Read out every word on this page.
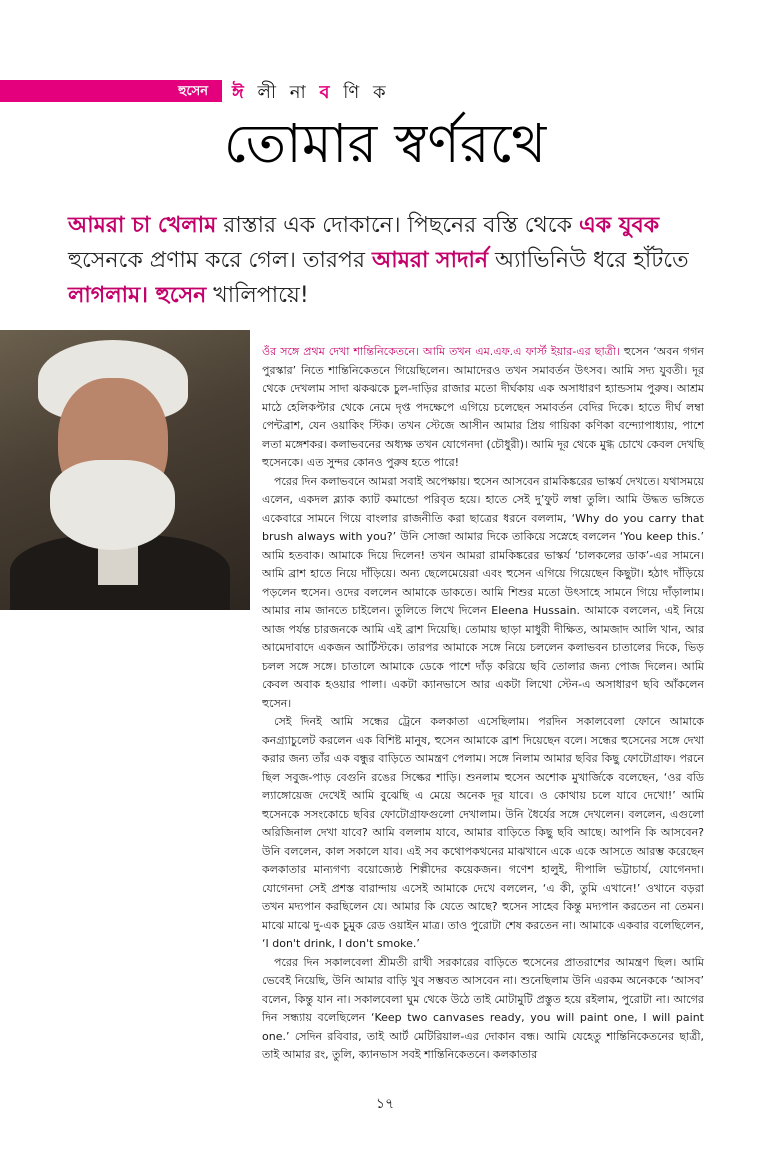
হুসেন ঈ লী না ব ণি ক
তোমার স্বর্ণরথে
আমরা চা খেলাম রাস্তার এক দোকানে। পিছনের বস্তি থেকে এক যুবক হুসেনকে প্রণাম করে গেল। তারপর আমরা সাদার্ন অ্যাভিনিউ ধরে হাঁটতে লাগলাম। হুসেন খালিপায়ে!

ওঁর সঙ্গে প্রথম দেখা শান্তিনিকেতনে। আমি তখন এম.এফ.এ ফার্স্ট ইয়ার-এর ছাত্রী। হুসেন ‘অবন গগন পুরস্কার’ নিতে শান্তিনিকেতনে গিয়েছিলেন। আমাদেরও তখন সমাবর্তন উৎসব। আমি সদ্য যুবতী। দূর থেকে দেখলাম সাদা ঝকঝকে চুল-দাড়ির রাজার মতো দীর্ঘকায় এক অসাধারণ হ্যান্ডসাম পুরুষ। আশ্রম মাঠে হেলিকপ্টার থেকে নেমে দৃপ্ত পদক্ষেপে এগিয়ে চলেছেন সমাবর্তন বেদির দিকে। হাতে দীর্ঘ লম্বা পেন্টব্রাশ, যেন ওয়াকিং স্টিক। তখন স্টেজে আসীন আমার প্রিয় গায়িকা কণিকা বন্দ্যোপাধ্যায়, পাশে লতা মঙ্গেশকর। কলাভবনের অধ্যক্ষ তখন যোগেনদা (চৌধুরী)। আমি দূর থেকে মুগ্ধ চোখে কেবল দেখছি হুসেনকে। এত সুন্দর কোনও পুরুষ হতে পারে!

পরের দিন কলাভবনে আমরা সবাই অপেক্ষায়। হুসেন আসবেন রামকিঙ্করের ভাস্কর্য দেখতে। যথাসময়ে এলেন, একদল ব্ল্যাক ক্যাট কমান্ডো পরিবৃত হয়ে। হাতে সেই দু’ফুট লম্বা তুলি। আমি উদ্ধত ভঙ্গিতে একেবারে সামনে গিয়ে বাংলার রাজনীতি করা ছাত্রের ধরনে বললাম, ‘Why do you carry that brush always with you?’ উনি সোজা আমার দিকে তাকিয়ে সস্নেহে বললেন ‘You keep this.’ আমি হতবাক। আমাকে দিয়ে দিলেন! তখন আমরা রামকিঙ্করের ভাস্কর্য ‘চালকলের ডাক’-এর সামনে। আমি ব্রাশ হাতে নিয়ে দাঁড়িয়ে। অন্য ছেলেমেয়েরা এবং হুসেন এগিয়ে গিয়েছেন কিছুটা। হঠাৎ দাঁড়িয়ে পড়লেন হুসেন। ওদের বললেন আমাকে ডাকতে। আমি শিশুর মতো উৎসাহে সামনে গিয়ে দাঁড়ালাম। আমার নাম জানতে চাইলেন। তুলিতে লিখে দিলেন Eleena Hussain. আমাকে বললেন, এই নিয়ে আজ পর্যন্ত চারজনকে আমি এই ব্রাশ দিয়েছি। তোমায় ছাড়া মাধুরী দীক্ষিত, আমজাদ আলি খান, আর আমেদাবাদে একজন আর্টিস্টকে। তারপর আমাকে সঙ্গে নিয়ে চললেন কলাভবন চাতালের দিকে, ভিড় চলল সঙ্গে সঙ্গে। চাতালে আমাকে ডেকে পাশে দাঁড় করিয়ে ছবি তোলার জন্য পোজ দিলেন। আমি কেবল অবাক হওয়ার পালা। একটা ক্যানভাসে আর একটা লিথো স্টেন-এ অসাধারণ ছবি আঁকলেন হুসেন।

সেই দিনই আমি সন্ধের ট্রেনে কলকাতা এসেছিলাম। পরদিন সকালবেলা ফোনে আমাকে কনগ্র্যাচুলেট করলেন এক বিশিষ্ট মানুষ, হুসেন আমাকে ব্রাশ দিয়েছেন বলে। সন্ধের হুসেনের সঙ্গে দেখা করার জন্য তাঁর এক বন্ধুর বাড়িতে আমন্ত্রণ পেলাম। সঙ্গে নিলাম আমার ছবির কিছু ফোটোগ্রাফ। পরনে ছিল সবুজ-পাড় বেগুনি রঙের সিল্কের শাড়ি। শুনলাম হুসেন অশোক মুখার্জিকে বলেছেন, ‘ওর বডি ল্যাঙ্গোয়েজ দেখেই আমি বুঝেছি এ মেয়ে অনেক দূর যাবে। ও কোথায় চলে যাবে দেখো!’ আমি হুসেনকে সসংকোচে ছবির ফোটোগ্রাফগুলো দেখালাম। উনি ধৈর্যের সঙ্গে দেখলেন। বললেন, এগুলো অরিজিনাল দেখা যাবে? আমি বললাম যাবে, আমার বাড়িতে কিছু ছবি আছে। আপনি কি আসবেন? উনি বললেন, কাল সকালে যাব। এই সব কথোপকথনের মাঝখানে একে একে আসতে আরম্ভ করেছেন কলকাতার মান্যগণ্য বয়োজ্যেষ্ঠ শিল্পীদের কয়েকজন। গণেশ হালুই, দীপালি ভট্টাচার্য, যোগেনদা। যোগেনদা সেই প্রশস্ত বারান্দায় এসেই আমাকে দেখে বললেন, ‘এ কী, তুমি এখানে!’ ওখানে বড়রা তখন মদ্যপান করছিলেন যে। আমার কি যেতে আছে? হুসেন সাহেব কিন্তু মদ্যপান করতেন না তেমন। মাঝে মাঝে দু-এক চুমুক রেড ওয়াইন মাত্র। তাও পুরোটা শেষ করতেন না। আমাকে একবার বলেছিলেন, ‘I don't drink, I don't smoke.’

পরের দিন সকালবেলা শ্রীমতী রাখী সরকারের বাড়িতে হুসেনের প্রাতরাশের আমন্ত্রণ ছিল। আমি ভেবেই নিয়েছি, উনি আমার বাড়ি খুব সম্ভবত আসবেন না। শুনেছিলাম উনি এরকম অনেককে ‘আসব’ বলেন, কিন্তু যান না। সকালবেলা ঘুম থেকে উঠে তাই মোটামুটি প্রস্তুত হয়ে রইলাম, পুরোটা না। আগের দিন সন্ধ্যায় বলেছিলেন ‘Keep two canvases ready, you will paint one, I will paint one.’ সেদিন রবিবার, তাই আর্ট মেটিরিয়াল-এর দোকান বন্ধ। আমি যেহেতু শান্তিনিকেতনের ছাত্রী, তাই আমার রং, তুলি, ক্যানভাস সবই শান্তিনিকেতনে। কলকাতার

১৭
